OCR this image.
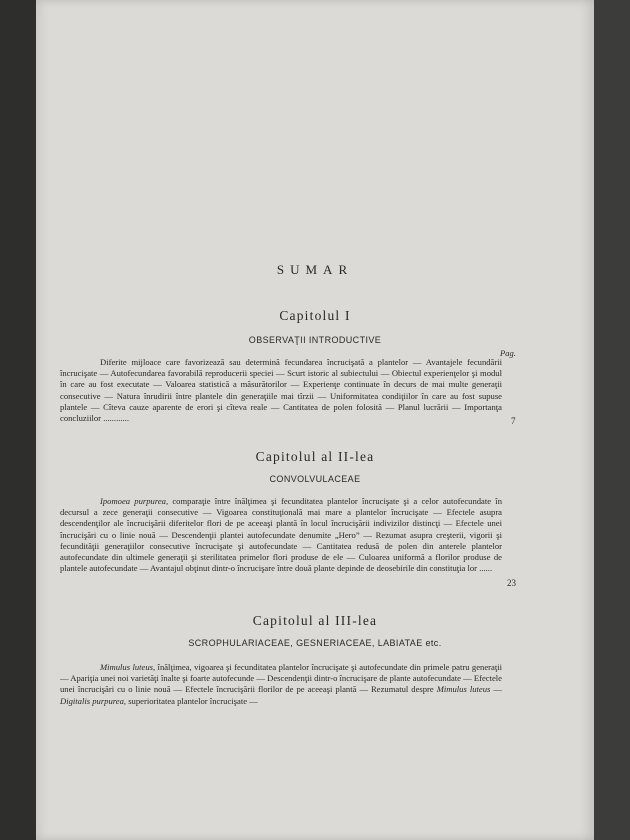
SUMAR
Capitolul I
OBSERVAŢII INTRODUCTIVE
Pag.
Diferite mijloace care favorizează sau determină fecundarea încrucişată a plantelor — Avantajele fecundării încrucişate — Autofecundarea favorabilă reproducerii speciei — Scurt istoric al subiectului — Obiectul experienţelor şi modul în care au fost executate — Valoarea statistică a măsurătorilor — Experienţe continuate în decurs de mai multe generaţii consecutive — Natura înrudirii între plantele din generaţiile mai tîrzii — Uniformitatea condiţiilor în care au fost supuse plantele — Cîteva cauze aparente de erori şi cîteva reale — Cantitatea de polen folosită — Planul lucrării — Importanţa concluziilor ............	7
Capitolul al II-lea
CONVOLVULACEAE
Ipomoea purpurea, comparaţie între înălţimea şi fecunditatea plantelor încrucişate şi a celor autofecundate în decursul a zece generaţii consecutive — Vigoarea constituţională mai mare a plantelor încrucişate — Efectele asupra descendenţilor ale încrucişării diferitelor flori de pe aceeaşi plantă în locul încrucişării indivizilor distincţi — Efectele unei încrucişări cu o linie nouă — Descendenţii plantei autofecundate denumite „Hero” — Rezumat asupra creşterii, vigorii şi fecundităţii generaţiilor consecutive încrucişate şi autofecundate — Cantitatea redusă de polen din anterele plantelor autofecundate din ultimele generaţii şi sterilitatea primelor flori produse de ele — Culoarea uniformă a florilor produse de plantele autofecundate — Avantajul obţinut dintr-o încrucişare între două plante depinde de deosebirile din constituţia lor ......
23
Capitolul al III-lea
SCROPHULARIACEAE, GESNERIACEAE, LABIATAE etc.
Mimulus luteus, înălţimea, vigoarea şi fecunditatea plantelor încrucişate şi autofecundate din primele patru generaţii — Apariţia unei noi varietăţi înalte şi foarte autofecunde — Descendenţii dintr-o încrucişare de plante autofecundate — Efectele unei încrucişări cu o linie nouă — Efectele încrucişării florilor de pe aceeaşi plantă — Rezumatul despre Mimulus luteus — Digitalis purpurea, superioritatea plantelor încrucişate —
